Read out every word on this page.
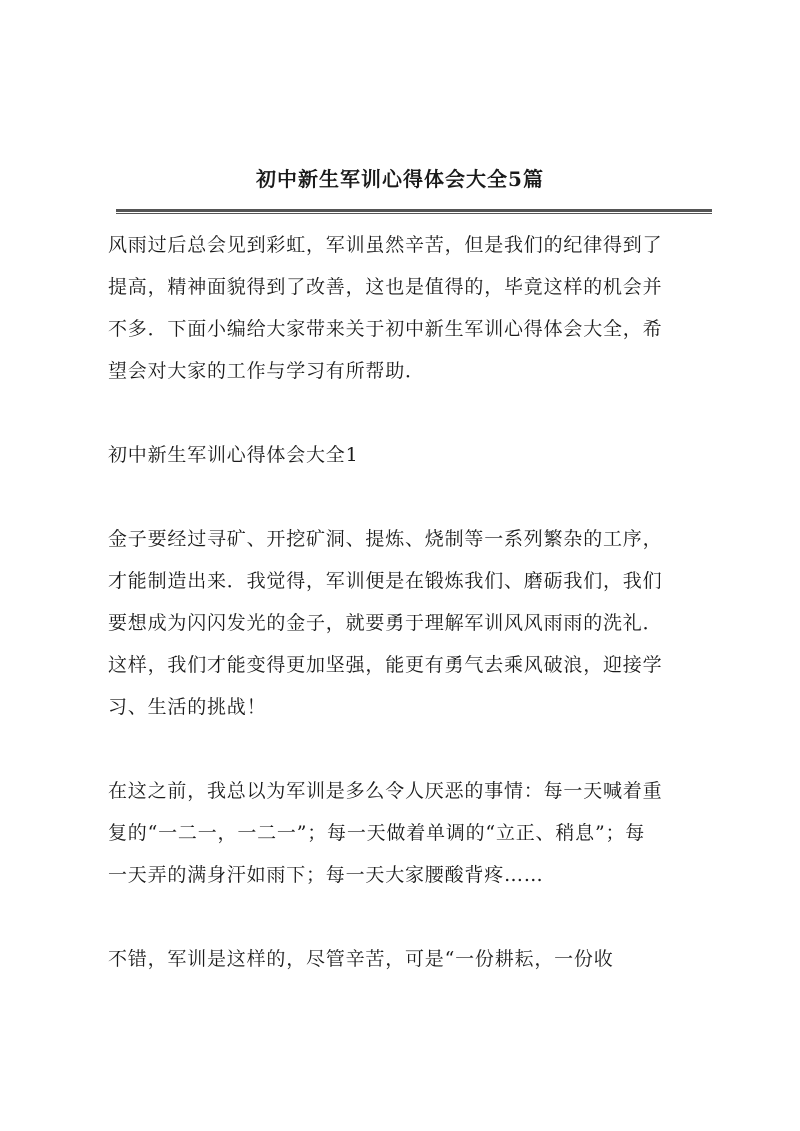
初中新生军训心得体会大全5篇

风雨过后总会见到彩虹，军训虽然辛苦，但是我们的纪律得到了
提高，精神面貌得到了改善，这也是值得的，毕竟这样的机会并
不多．下面小编给大家带来关于初中新生军训心得体会大全，希
望会对大家的工作与学习有所帮助．

初中新生军训心得体会大全1

金子要经过寻矿、开挖矿洞、提炼、烧制等一系列繁杂的工序，
才能制造出来．我觉得，军训便是在锻炼我们、磨砺我们，我们
要想成为闪闪发光的金子，就要勇于理解军训风风雨雨的洗礼．
这样，我们才能变得更加坚强，能更有勇气去乘风破浪，迎接学
习、生活的挑战！

在这之前，我总以为军训是多么令人厌恶的事情：每一天喊着重
复的“一二一，一二一”；每一天做着单调的“立正、稍息”；每
一天弄的满身汗如雨下；每一天大家腰酸背疼……

不错，军训是这样的，尽管辛苦，可是“一份耕耘，一份收
